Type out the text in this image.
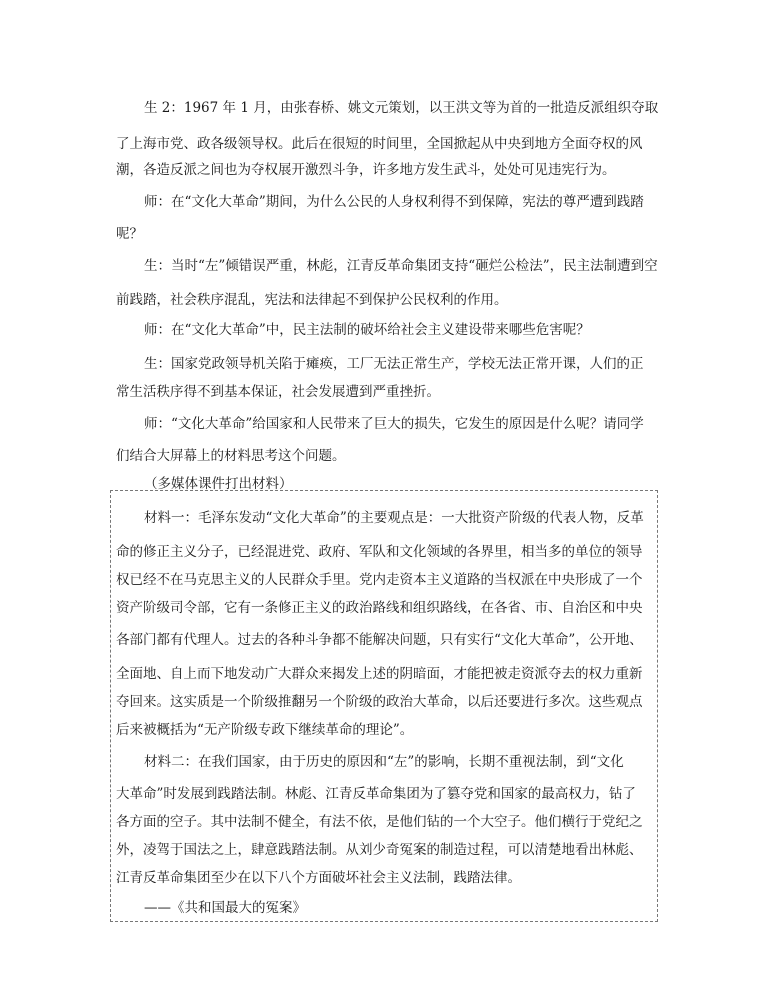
生 2：1967 年 1 月，由张春桥、姚文元策划，以王洪文等为首的一批造反派组织夺取

了上海市党、政各级领导权。此后在很短的时间里，全国掀起从中央到地方全面夺权的风

潮，各造反派之间也为夺权展开激烈斗争，许多地方发生武斗，处处可见违宪行为。

师：在“文化大革命”期间，为什么公民的人身权利得不到保障，宪法的尊严遭到践踏

呢？

生：当时“左”倾错误严重，林彪，江青反革命集团支持“砸烂公检法”，民主法制遭到空

前践踏，社会秩序混乱，宪法和法律起不到保护公民权利的作用。

师：在“文化大革命”中，民主法制的破坏给社会主义建设带来哪些危害呢？

生：国家党政领导机关陷于瘫痪，工厂无法正常生产，学校无法正常开课，人们的正

常生活秩序得不到基本保证，社会发展遭到严重挫折。

师：“文化大革命”给国家和人民带来了巨大的损失，它发生的原因是什么呢？请同学

们结合大屏幕上的材料思考这个问题。

（多媒体课件打出材料）

材料一：毛泽东发动“文化大革命”的主要观点是：一大批资产阶级的代表人物，反革

命的修正主义分子，已经混进党、政府、军队和文化领域的各界里，相当多的单位的领导

权已经不在马克思主义的人民群众手里。党内走资本主义道路的当权派在中央形成了一个

资产阶级司令部，它有一条修正主义的政治路线和组织路线，在各省、市、自治区和中央

各部门都有代理人。过去的各种斗争都不能解决问题，只有实行“文化大革命”，公开地、

全面地、自上而下地发动广大群众来揭发上述的阴暗面，才能把被走资派夺去的权力重新

夺回来。这实质是一个阶级推翻另一个阶级的政治大革命，以后还要进行多次。这些观点

后来被概括为“无产阶级专政下继续革命的理论”。

材料二：在我们国家，由于历史的原因和“左”的影响，长期不重视法制，到“文化

大革命”时发展到践踏法制。林彪、江青反革命集团为了篡夺党和国家的最高权力，钻了

各方面的空子。其中法制不健全，有法不依，是他们钻的一个大空子。他们横行于党纪之

外，凌驾于国法之上，肆意践踏法制。从刘少奇冤案的制造过程，可以清楚地看出林彪、

江青反革命集团至少在以下八个方面破坏社会主义法制，践踏法律。

——《共和国最大的冤案》
